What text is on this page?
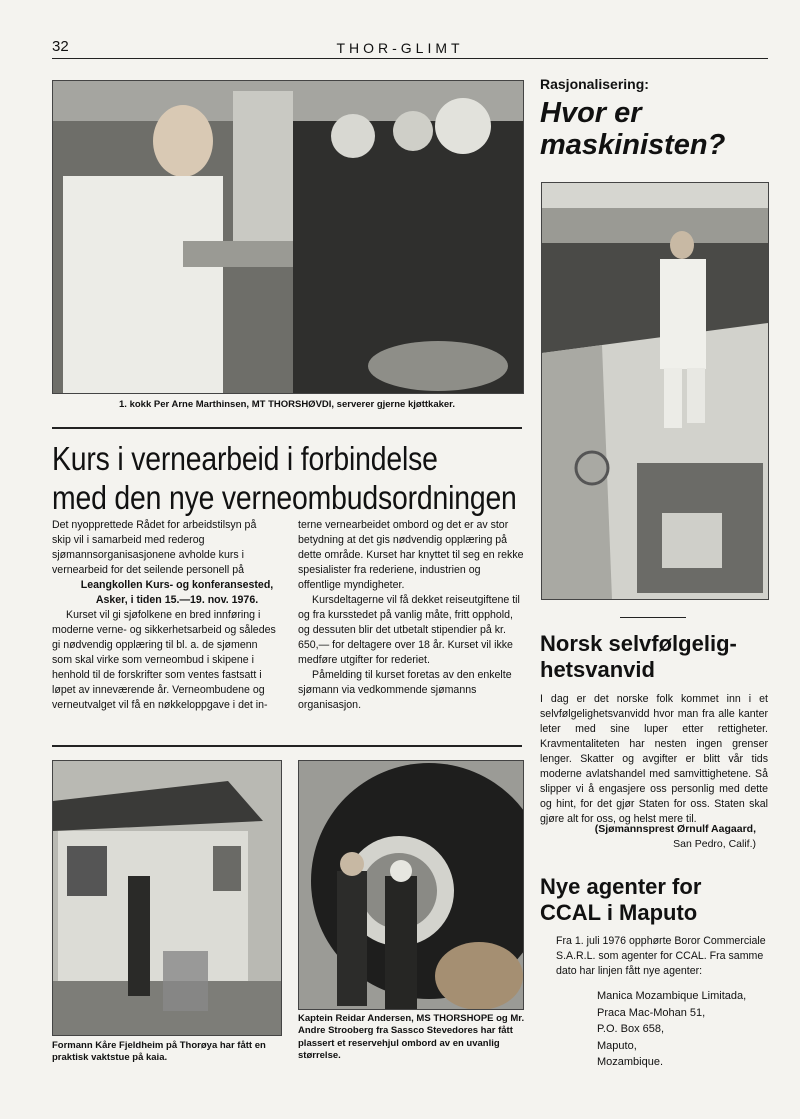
32	THOR-GLIMT
1. kokk Per Arne Marthinsen, MT THORSHØVDI, serverer gjerne kjøttkaker.
Kurs i vernearbeid i forbindelse
med den nye verneombudsordningen

Det nyopprettede Rådet for arbeidstilsyn på skip vil i samarbeid med rederog sjømannsorganisasjonene avholde kurs i vernearbeid for det seilende personell på

Leangkollen Kurs- og konferansested, Asker, i tiden 15.—19. nov. 1976.

Kurset vil gi sjøfolkene en bred innføring i moderne verne- og sikkerhetsarbeid og således gi nødvendig opplæring til bl. a. de sjømenn som skal virke som verneombud i skipene i henhold til de forskrifter som ventes fastsatt i løpet av inneværende år. Verneombudene og verneutvalget vil få en nøkkeloppgave i det in-

terne vernearbeidet ombord og det er av stor betydning at det gis nødvendig opplæring på dette område. Kurset har knyttet til seg en rekke spesialister fra rederiene, industrien og offentlige myndigheter.

Kursdeltagerne vil få dekket reiseutgiftene til og fra kursstedet på vanlig måte, fritt opphold, og dessuten blir det utbetalt stipendier på kr. 650,— for deltagere over 18 år. Kurset vil ikke medføre utgifter for rederiet.

Påmelding til kurset foretas av den enkelte sjømann via vedkommende sjømanns organisasjon.

Formann Kåre Fjeldheim på Thorøya har fått en praktisk vaktstue på kaia.
Kaptein Reidar Andersen, MS THORSHOPE og Mr. Andre Strooberg fra Sassco Stevedores har fått plassert et reservehjul ombord av en uvanlig størrelse.
Rasjonalisering:
Hvor er
maskinisten?
Norsk selvfølgelig-
hetsvanvid

I dag er det norske folk kommet inn i et selvfølgelighetsvanvidd hvor man fra alle kanter leter med sine luper etter rettigheter. Kravmentaliteten har nesten ingen grenser lenger. Skatter og avgifter er blitt vår tids moderne avlatshandel med samvittighetene. Så slipper vi å engasjere oss personlig med dette og hint, for det gjør Staten for oss. Staten skal gjøre alt for oss, og helst mere til.

(Sjømannsprest Ørnulf Aagaard,
San Pedro, Calif.)
Nye agenter for
CCAL i Maputo

Fra 1. juli 1976 opphørte Boror Commerciale S.A.R.L. som agenter for CCAL. Fra samme dato har linjen fått nye agenter:

Manica Mozambique Limitada,
Praca Mac-Mohan 51,
P.O. Box 658,
Maputo,
Mozambique.
